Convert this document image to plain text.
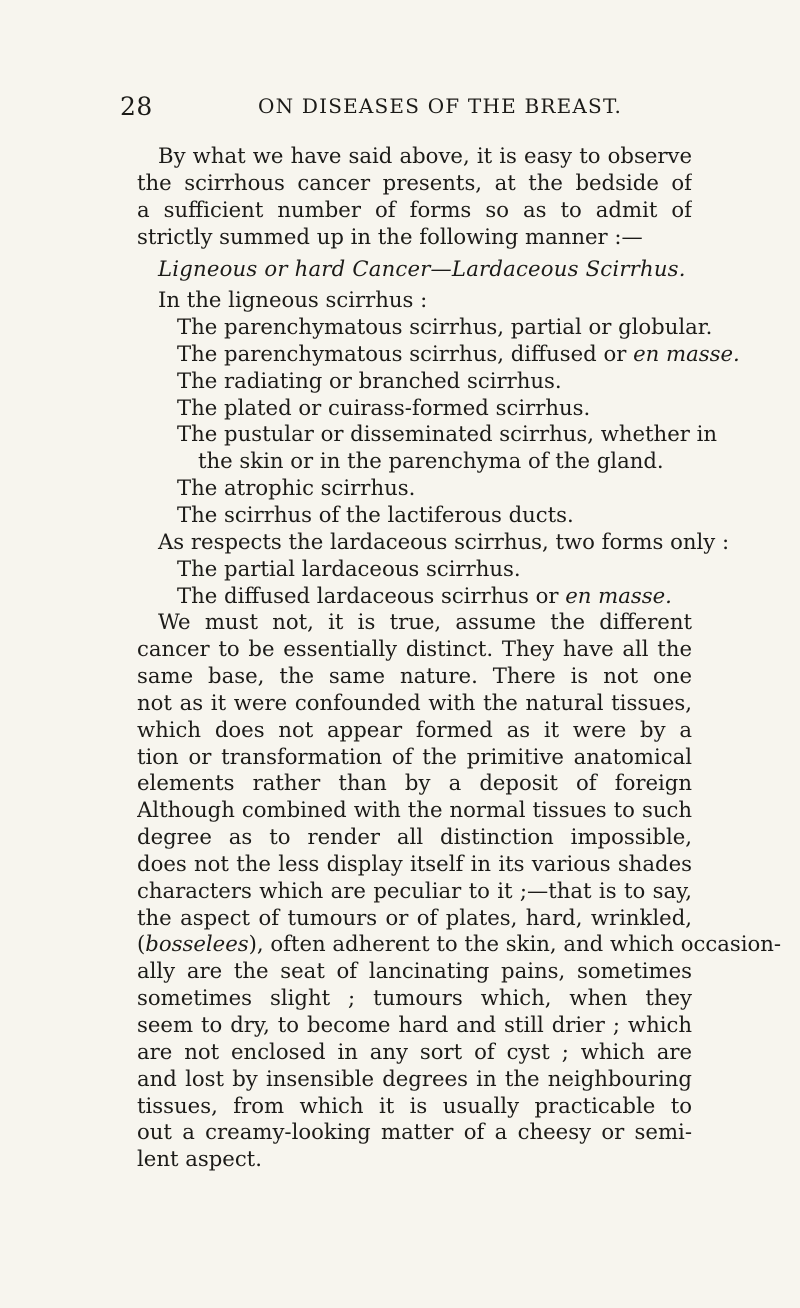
28	ON DISEASES OF THE BREAST.
By what we have said above, it is easy to observe
the scirrhous cancer presents, at the bedside of
a sufficient number of forms so as to admit of
strictly summed up in the following manner :—
Ligneous or hard Cancer—Lardaceous Scirrhus.
In the ligneous scirrhus :
The parenchymatous scirrhus, partial or globular.
The parenchymatous scirrhus, diffused or en masse.
The radiating or branched scirrhus.
The plated or cuirass-formed scirrhus.
The pustular or disseminated scirrhus, whether in
the skin or in the parenchyma of the gland.
The atrophic scirrhus.
The scirrhus of the lactiferous ducts.
As respects the lardaceous scirrhus, two forms only :
The partial lardaceous scirrhus.
The diffused lardaceous scirrhus or en masse.
We must not, it is true, assume the different
cancer to be essentially distinct. They have all the
same base, the same nature. There is not one
not as it were confounded with the natural tissues,
which does not appear formed as it were by a
tion or transformation of the primitive anatomical
elements rather than by a deposit of foreign
Although combined with the normal tissues to such
degree as to render all distinction impossible,
does not the less display itself in its various shades
characters which are peculiar to it ;—that is to say,
the aspect of tumours or of plates, hard, wrinkled,
(bosselees), often adherent to the skin, and which occasion-
ally are the seat of lancinating pains, sometimes
sometimes slight ; tumours which, when they
seem to dry, to become hard and still drier ; which
are not enclosed in any sort of cyst ; which are
and lost by insensible degrees in the neighbouring
tissues, from which it is usually practicable to
out a creamy-looking matter of a cheesy or semi-
lent aspect.
